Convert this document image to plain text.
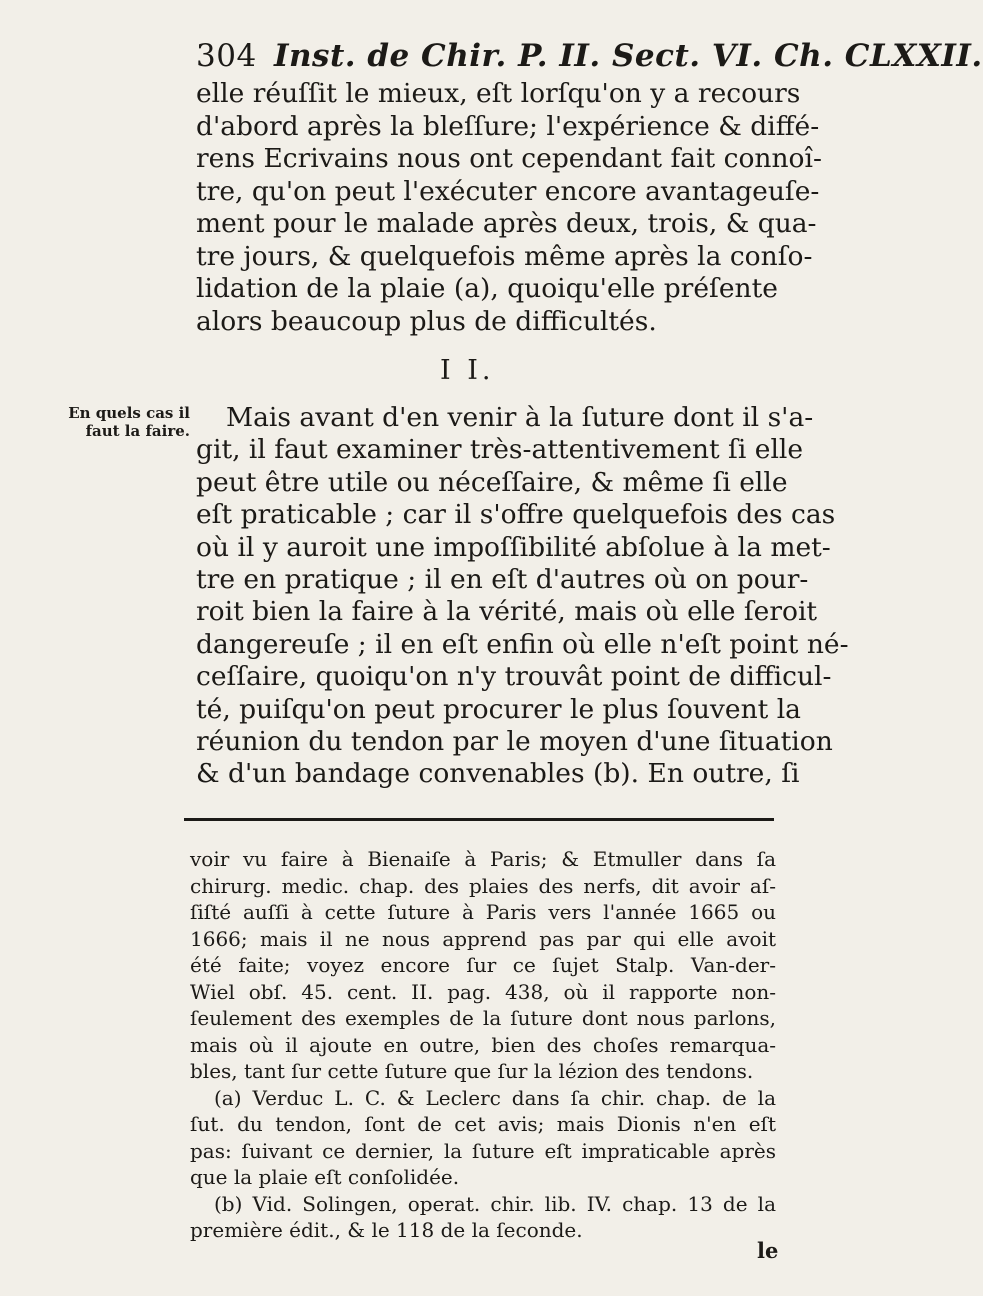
304 Inst. de Chir. P. II. Sect. VI. Ch. CLXXII.
elle réuſſit le mieux, eſt lorſqu'on y a recours
d'abord après la bleſſure; l'expérience & diffé-
rens Ecrivains nous ont cependant fait connoî-
tre, qu'on peut l'exécuter encore avantageuſe-
ment pour le malade après deux, trois, & qua-
tre jours, & quelquefois même après la conſo-
lidation de la plaie (a), quoiqu'elle préſente
alors beaucoup plus de difficultés.
I I.
En quels cas il faut la faire.	Mais avant d'en venir à la ſuture dont il s'a-
git, il faut examiner très-attentivement ſi elle
peut être utile ou néceſſaire, & même ſi elle
eſt praticable ; car il s'offre quelquefois des cas
où il y auroit une impoſſibilité abſolue à la met-
tre en pratique ; il en eſt d'autres où on pour-
roit bien la faire à la vérité, mais où elle ſeroit
dangereuſe ; il en eſt enfin où elle n'eſt point né-
ceſſaire, quoiqu'on n'y trouvât point de difficul-
té, puiſqu'on peut procurer le plus ſouvent la
réunion du tendon par le moyen d'une ſituation
& d'un bandage convenables (b). En outre, ſi
voir vu faire à Bienaiſe à Paris; & Etmuller dans ſa
chirurg. medic. chap. des plaies des nerfs, dit avoir aſ-
ſiſté auſſi à cette ſuture à Paris vers l'année 1665 ou
1666; mais il ne nous apprend pas par qui elle avoit
été faite; voyez encore ſur ce ſujet Stalp. Van-der-
Wiel obſ. 45. cent. II. pag. 438, où il rapporte non-
ſeulement des exemples de la ſuture dont nous parlons,
mais où il ajoute en outre, bien des choſes remarqua-
bles, tant ſur cette ſuture que ſur la lézion des tendons.
(a) Verduc L. C. & Leclerc dans ſa chir. chap. de la
ſut. du tendon, ſont de cet avis; mais Dionis n'en eſt
pas: ſuivant ce dernier, la ſuture eſt impraticable après
que la plaie eſt conſolidée.
(b) Vid. Solingen, operat. chir. lib. IV. chap. 13 de la
première édit., & le 118 de la ſeconde.
le
